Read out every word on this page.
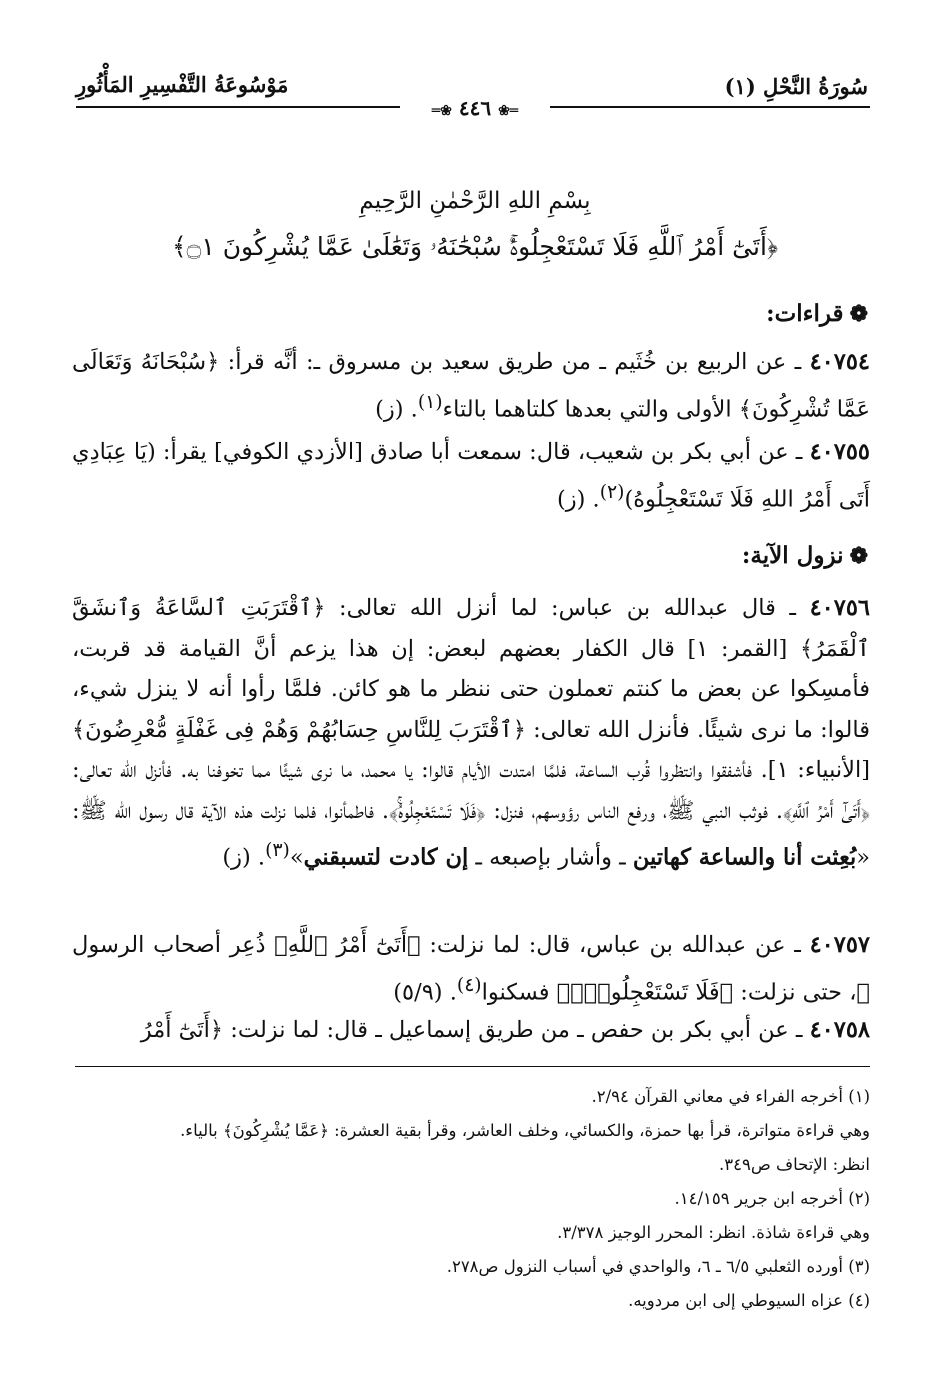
سُورَةُ النَّحْلِ (١)
مَوْسُوعَةُ التَّفْسِيرِ المَأْثُورِ
═❀ ٤٤٦ ❀═
بِسْمِ اللهِ الرَّحْمٰنِ الرَّحِيمِ
﴿أَتَىٰٓ أَمْرُ ٱللَّهِ فَلَا تَسْتَعْجِلُوهُۚ سُبْحَٰنَهُۥ وَتَعَٰلَىٰ عَمَّا يُشْرِكُونَ ۝١﴾
❁قراءات:
٤٠٧٥٤ ـ عن الربيع بن خُثَيم ـ من طريق سعيد بن مسروق ـ: أنَّه قرأ: ﴿سُبْحَانَهُ وَتَعَالَى عَمَّا تُشْرِكُونَ﴾ الأولى والتي بعدها كلتاهما بالتاء$^{(١)}$. (ز)
٤٠٧٥٥ ـ عن أبي بكر بن شعيب، قال: سمعت أبا صادق [الأزدي الكوفي] يقرأ: (يَا عِبَادِي أَتَى أَمْرُ اللهِ فَلَا تَسْتَعْجِلُوهُ)$^{(٢)}$. (ز)
❁نزول الآية:
٤٠٧٥٦ ـ قال عبدالله بن عباس: لما أنزل الله تعالى: ﴿ٱقْتَرَبَتِ ٱلسَّاعَةُ وَٱنشَقَّ ٱلْقَمَرُ﴾ [القمر: ١] قال الكفار بعضهم لبعض: إن هذا يزعم أنَّ القيامة قد قربت، فأمسِكوا عن بعض ما كنتم تعملون حتى ننظر ما هو كائن. فلمَّا رأوا أنه لا ينزل شيء، قالوا: ما نرى شيئًا. فأنزل الله تعالى: ﴿ٱقْتَرَبَ لِلنَّاسِ حِسَابُهُمْ وَهُمْ فِى غَفْلَةٍ مُّعْرِضُونَ﴾ [الأنبياء: ١]. فأشفقوا وانتظروا قُرب الساعة، فلمَّا امتدت الأيام قالوا: يا محمد، ما نرى شيئًا مما تخوفنا به. فأنزل الله تعالى: ﴿أَتَىٰٓ أَمْرُ ٱللَّهِ﴾. فوثب النبي ﷺ، ورفع الناس رؤوسهم، فنزل: ﴿فَلَا تَسْتَعْجِلُوهُۚ﴾. فاطمأنوا، فلما نزلت هذه الآية قال رسول الله ﷺ: «بُعِثت أنا والساعة كهاتين ـ وأشار بإصبعه ـ إن كادت لتسبقني»$^{(٣)}$. (ز)
٤٠٧٥٧ ـ عن عبدالله بن عباس، قال: لما نزلت: ﴿أَتَىٰٓ أَمْرُ ٱللَّهِ﴾ ذُعِر أصحاب الرسول ﷺ، حتى نزلت: ﴿فَلَا تَسْتَعْجِلُوهُۚ﴾ فسكنوا$^{(٤)}$. (٥/٩)
٤٠٧٥٨ ـ عن أبي بكر بن حفص ـ من طريق إسماعيل ـ قال: لما نزلت: ﴿أَتَىٰٓ أَمْرُ
(١) أخرجه الفراء في معاني القرآن ٢/٩٤.
وهي قراءة متواترة، قرأ بها حمزة، والكسائي، وخلف العاشر، وقرأ بقية العشرة: ﴿عَمَّا يُشْرِكُونَ﴾ بالياء.
انظر: الإتحاف ص٣٤٩.
(٢) أخرجه ابن جرير ١٤/١٥٩.
وهي قراءة شاذة. انظر: المحرر الوجيز ٣/٣٧٨.
(٣) أورده الثعلبي ٦/٥ ـ ٦، والواحدي في أسباب النزول ص٢٧٨.
(٤) عزاه السيوطي إلى ابن مردويه.
